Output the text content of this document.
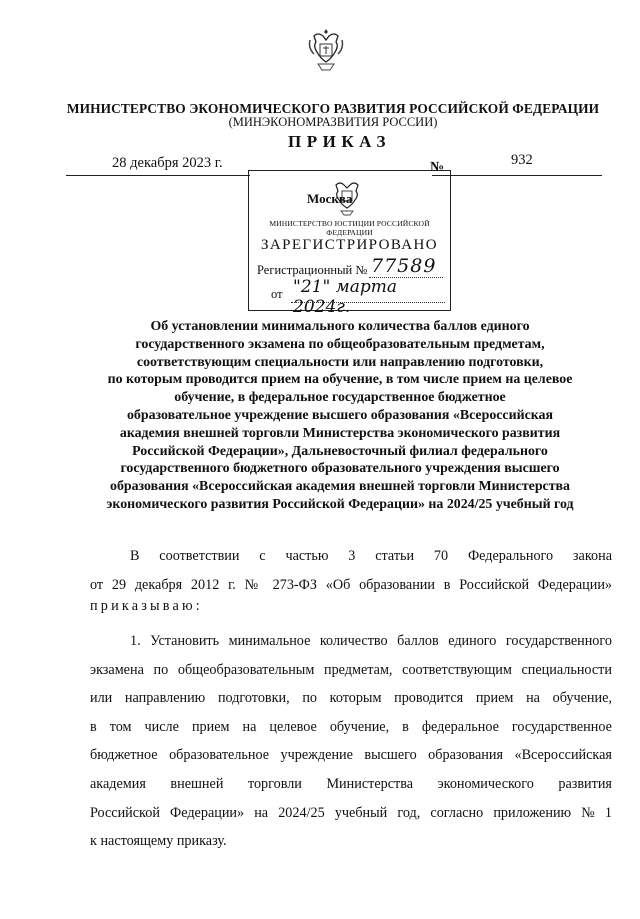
МИНИСТЕРСТВО ЭКОНОМИЧЕСКОГО РАЗВИТИЯ РОССИЙСКОЙ ФЕДЕРАЦИИ
(МИНЭКОНОМРАЗВИТИЯ РОССИИ)
ПРИКАЗ
28 декабря 2023 г.	№	932
Москва
МИНИСТЕРСТВО ЮСТИЦИИ РОССИЙСКОЙ ФЕДЕРАЦИИ
ЗАРЕГИСТРИРОВАНО
Регистрационный № 77589
от "21" марта 2024г.
Об установлении минимального количества баллов единого
государственного экзамена по общеобразовательным предметам,
соответствующим специальности или направлению подготовки,
по которым проводится прием на обучение, в том числе прием на целевое
обучение, в федеральное государственное бюджетное
образовательное учреждение высшего образования «Всероссийская
академия внешней торговли Министерства экономического развития
Российской Федерации», Дальневосточный филиал федерального
государственного бюджетного образовательного учреждения высшего
образования «Всероссийская академия внешней торговли Министерства
экономического развития Российской Федерации» на 2024/25 учебный год
В соответствии с частью 3 статьи 70 Федерального закона
от 29 декабря 2012 г. № 273-ФЗ «Об образовании в Российской Федерации»
приказываю:
1. Установить минимальное количество баллов единого государственного
экзамена по общеобразовательным предметам, соответствующим специальности
или направлению подготовки, по которым проводится прием на обучение,
в том числе прием на целевое обучение, в федеральное государственное
бюджетное образовательное учреждение высшего образования «Всероссийская
академия внешней торговли Министерства экономического развития
Российской Федерации» на 2024/25 учебный год, согласно приложению № 1
к настоящему приказу.
